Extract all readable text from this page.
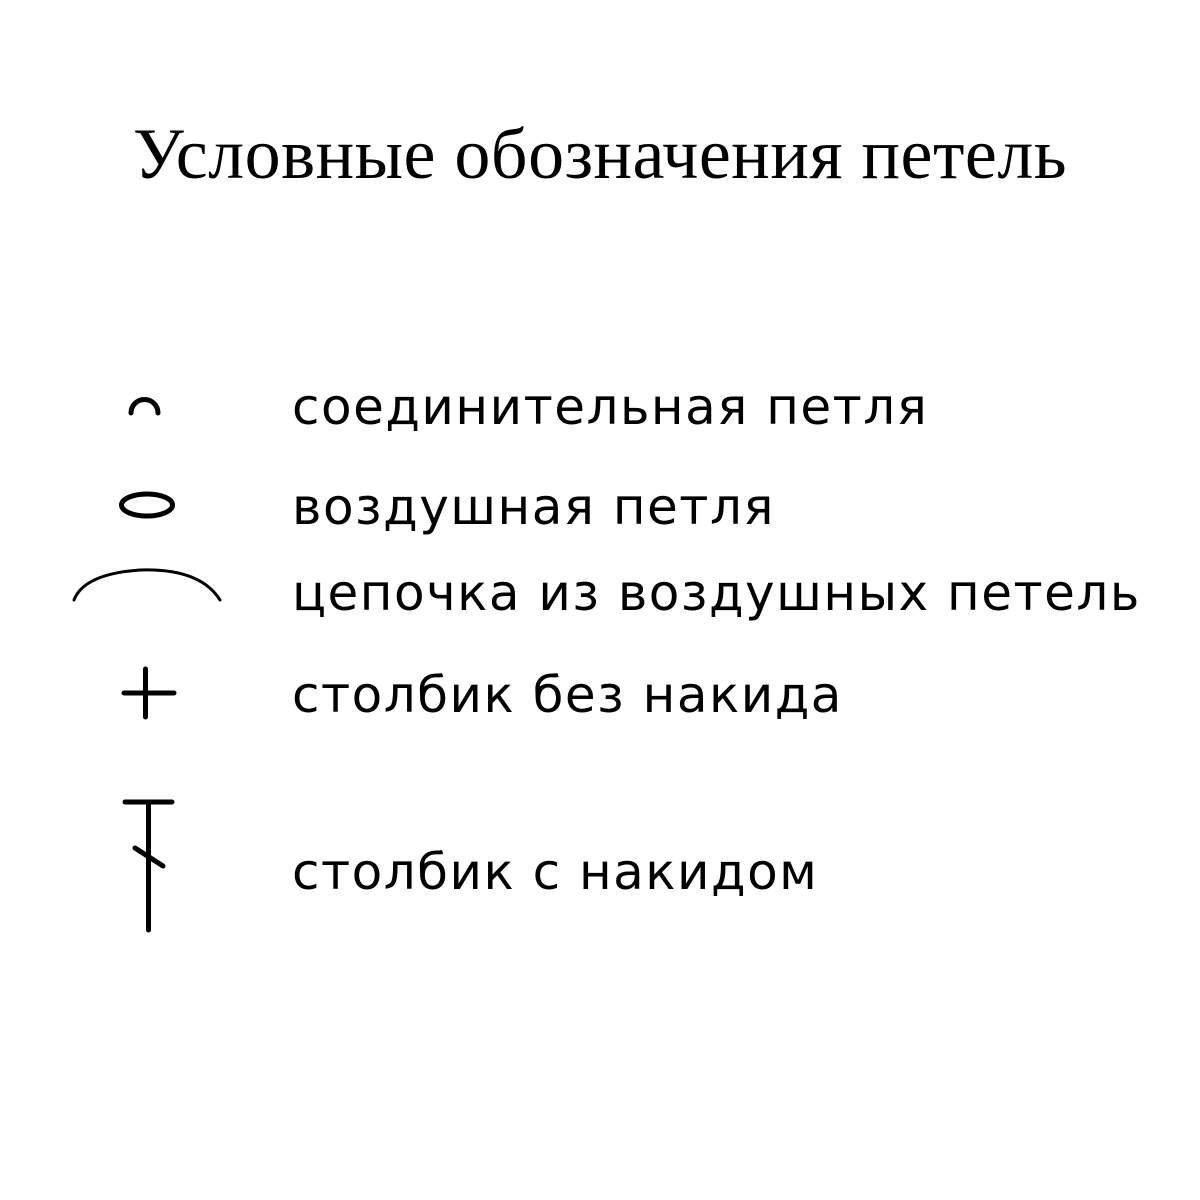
Условные обозначения петель
соединительная петля
воздушная петля
цепочка из воздушных петель
столбик без накида
столбик с накидом
